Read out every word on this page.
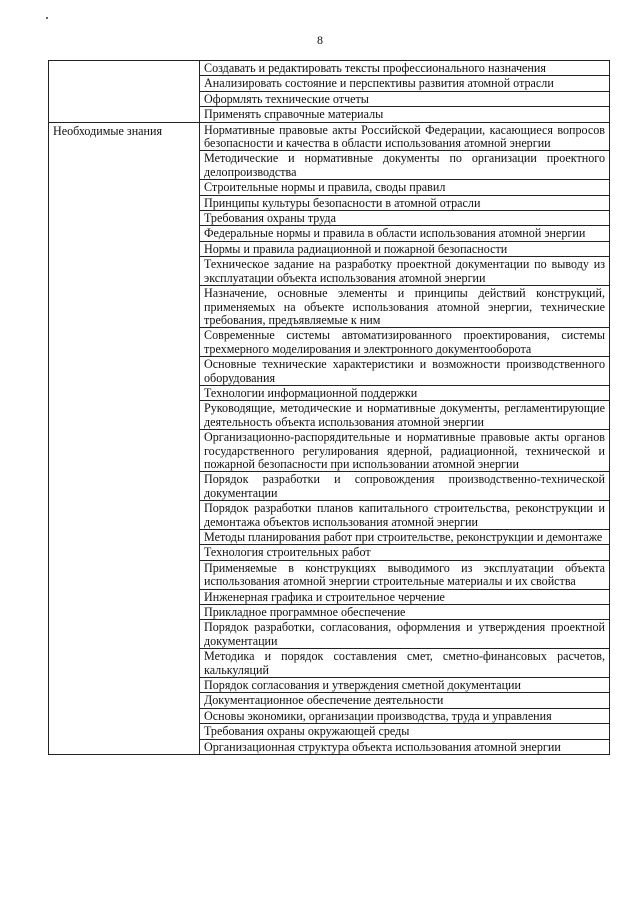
8
	Создавать и редактировать тексты профессионального назначения
	Анализировать состояние и перспективы развития атомной отрасли
	Оформлять технические отчеты
	Применять справочные материалы
Необходимые знания	Нормативные правовые акты Российской Федерации, касающиеся вопросов безопасности и качества в области использования атомной энергии
	Методические и нормативные документы по организации проектного делопроизводства
	Строительные нормы и правила, своды правил
	Принципы культуры безопасности в атомной отрасли
	Требования охраны труда
	Федеральные нормы и правила в области использования атомной энергии
	Нормы и правила радиационной и пожарной безопасности
	Техническое задание на разработку проектной документации по выводу из эксплуатации объекта использования атомной энергии
	Назначение, основные элементы и принципы действий конструкций, применяемых на объекте использования атомной энергии, технические требования, предъявляемые к ним
	Современные системы автоматизированного проектирования, системы трехмерного моделирования и электронного документооборота
	Основные технические характеристики и возможности производственного оборудования
	Технологии информационной поддержки
	Руководящие, методические и нормативные документы, регламентирующие деятельность объекта использования атомной энергии
	Организационно-распорядительные и нормативные правовые акты органов государственного регулирования ядерной, радиационной, технической и пожарной безопасности при использовании атомной энергии
	Порядок разработки и сопровождения производственно-технической документации
	Порядок разработки планов капитального строительства, реконструкции и демонтажа объектов использования атомной энергии
	Методы планирования работ при строительстве, реконструкции и демонтаже
	Технология строительных работ
	Применяемые в конструкциях выводимого из эксплуатации объекта использования атомной энергии строительные материалы и их свойства
	Инженерная графика и строительное черчение
	Прикладное программное обеспечение
	Порядок разработки, согласования, оформления и утверждения проектной документации
	Методика и порядок составления смет, сметно-финансовых расчетов, калькуляций
	Порядок согласования и утверждения сметной документации
	Документационное обеспечение деятельности
	Основы экономики, организации производства, труда и управления
	Требования охраны окружающей среды
	Организационная структура объекта использования атомной энергии
